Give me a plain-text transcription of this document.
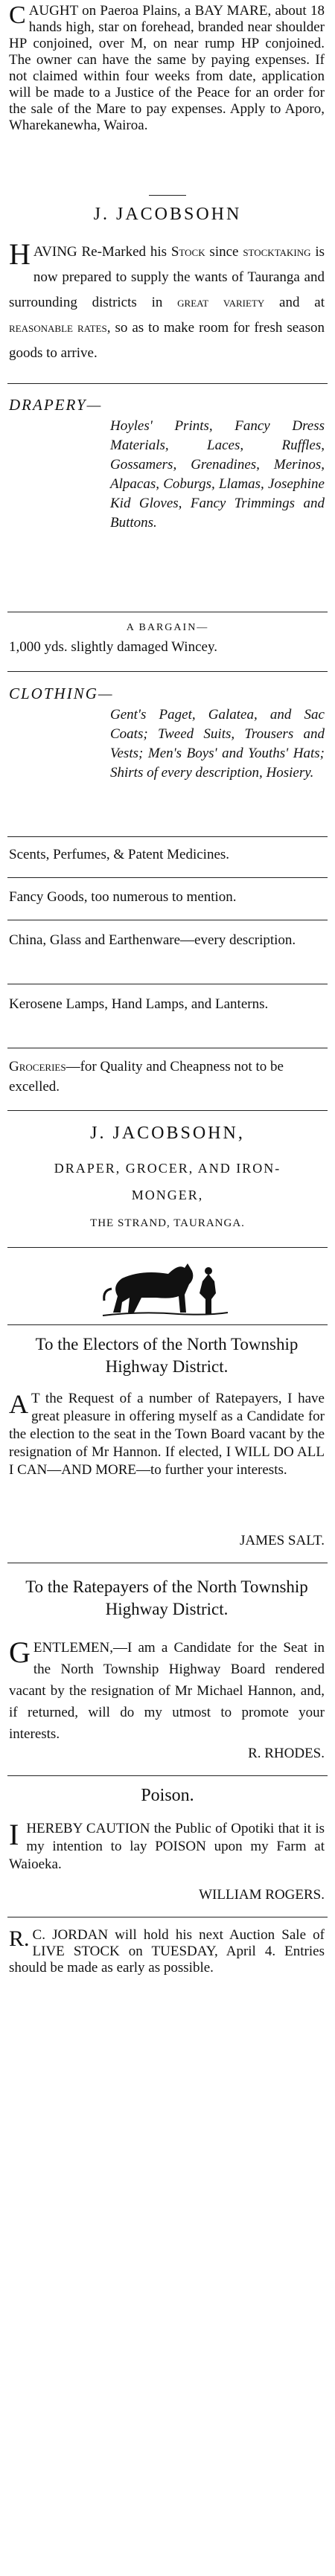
CAUGHT on Paeroa Plains, a BAY MARE, about 18 hands high, star on forehead, branded near shoulder HP conjoined, over M, on near rump HP conjoined. The owner can have the same by paying expenses. If not claimed within four weeks from date, application will be made to a Justice of the Peace for an order for the sale of the Mare to pay expenses. Apply to Aporo, Wharekanewha, Wairoa.

J. JACOBSOHN

HAVING Re-Marked his Stock since stocktaking is now prepared to supply the wants of Tauranga and surrounding districts in great variety and at reasonable rates, so as to make room for fresh season goods to arrive.

DRAPERY—

Hoyles' Prints, Fancy Dress Materials, Laces, Ruffles, Gossamers, Grenadines, Merinos, Alpacas, Coburgs, Llamas, Josephine Kid Gloves, Fancy Trimmings and Buttons.

A BARGAIN—

1,000 yds. slightly damaged Wincey.

CLOTHING—

Gent's Paget, Galatea, and Sac Coats; Tweed Suits, Trousers and Vests; Men's Boys' and Youths' Hats; Shirts of every description, Hosiery.

Scents, Perfumes, & Patent Medicines.

Fancy Goods, too numerous to mention.

China, Glass and Earthenware—every description.

Kerosene Lamps, Hand Lamps, and Lanterns.

Groceries—for Quality and Cheapness not to be excelled.

J. JACOBSOHN,

DRAPER, GROCER, AND IRON-

MONGER,

THE STRAND, TAURANGA.

To the Electors of the North Township Highway District.

A T the Request of a number of Ratepayers, I have great pleasure in offering myself as a Candidate for the election to the seat in the Town Board vacant by the resignation of Mr Hannon. If elected, I WILL DO ALL I CAN—AND MORE—to further your interests.

JAMES SALT.

To the Ratepayers of the North Township Highway District.

GENTLEMEN,—I am a Candidate for the Seat in the North Township Highway Board rendered vacant by the resignation of Mr Michael Hannon, and, if returned, will do my utmost to promote your interests.

R. RHODES.

Poison.

IHEREBY CAUTION the Public of Opotiki that it is my intention to lay POISON upon my Farm at Waioeka.

WILLIAM ROGERS.

R. C. JORDAN will hold his next Auction Sale of LIVE STOCK on TUESDAY, April 4. Entries should be made as early as possible.
